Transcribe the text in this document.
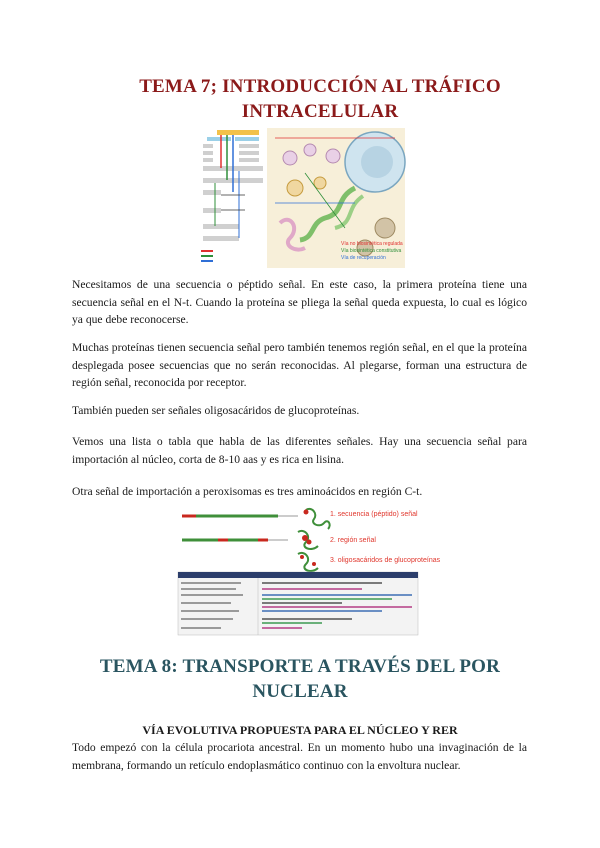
TEMA 7; INTRODUCCIÓN AL TRÁFICO INTRACELULAR
Vía no biosintética regulada
Vía biosintética constitutiva
Vía de recuperación
Necesitamos de una secuencia o péptido señal. En este caso, la primera proteína tiene una secuencia señal en el N-t. Cuando la proteína se pliega la señal queda expuesta, lo cual es lógico ya que debe reconocerse.
Muchas proteínas tienen secuencia señal pero también tenemos región señal, en el que la proteína desplegada posee secuencias que no serán reconocidas. Al plegarse, forman una estructura de región señal, reconocida por receptor.
También pueden ser señales oligosacáridos de glucoproteínas.
Vemos una lista o tabla que habla de las diferentes señales. Hay una secuencia señal para importación al núcleo, corta de 8-10 aas y es rica en lisina.
Otra señal de importación a peroxisomas es tres aminoácidos en región C-t.
1. secuencia (péptido) señal
2. región señal
3. oligosacáridos de glucoproteínas
TEMA 8: TRANSPORTE A TRAVÉS DEL POR NUCLEAR
VÍA EVOLUTIVA PROPUESTA PARA EL NÚCLEO Y RER
Todo empezó con la célula procariota ancestral. En un momento hubo una invaginación de la membrana, formando un retículo endoplasmático continuo con la envoltura nuclear.
